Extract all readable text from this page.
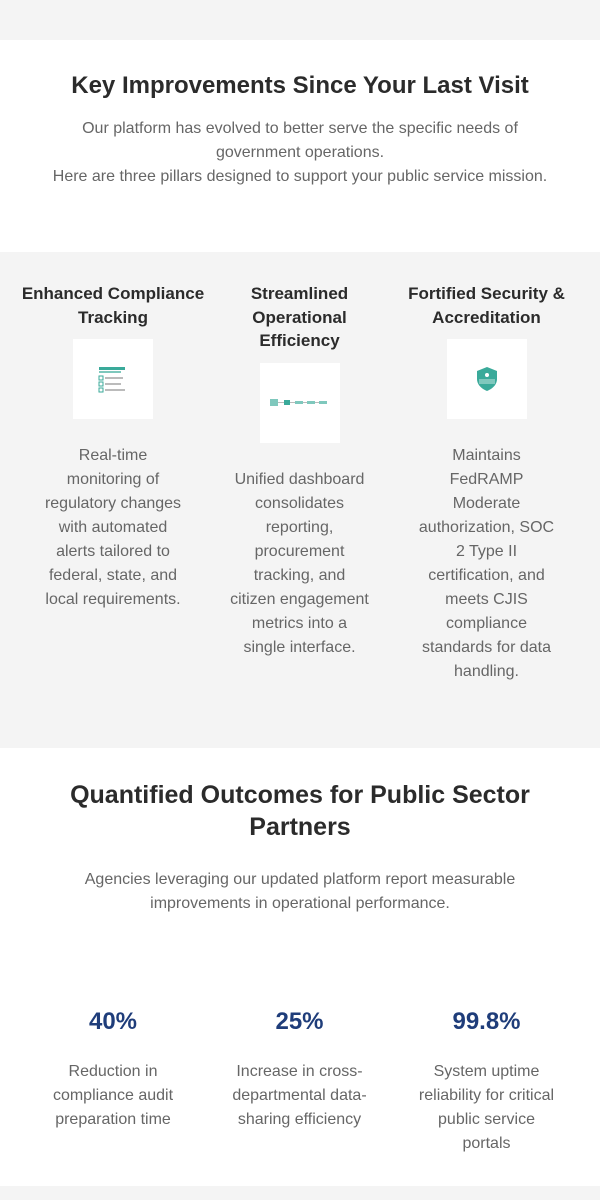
Key Improvements Since Your Last Visit
Our platform has evolved to better serve the specific needs of
government operations.
Here are three pillars designed to support your public service mission.
Enhanced Compliance Tracking

Real-time monitoring of regulatory changes with automated alerts tailored to federal, state, and local requirements.

Streamlined Operational Efficiency

Unified dashboard consolidates reporting, procurement tracking, and citizen engagement metrics into a single interface.

Fortified Security & Accreditation

Maintains FedRAMP Moderate authorization, SOC 2 Type II certification, and meets CJIS compliance standards for data handling.

Quantified Outcomes for Public Sector Partners
Agencies leveraging our updated platform report measurable improvements in operational performance.
40%
Reduction in compliance audit preparation time
25%
Increase in cross-departmental data-sharing efficiency
99.8%
System uptime reliability for critical public service portals
